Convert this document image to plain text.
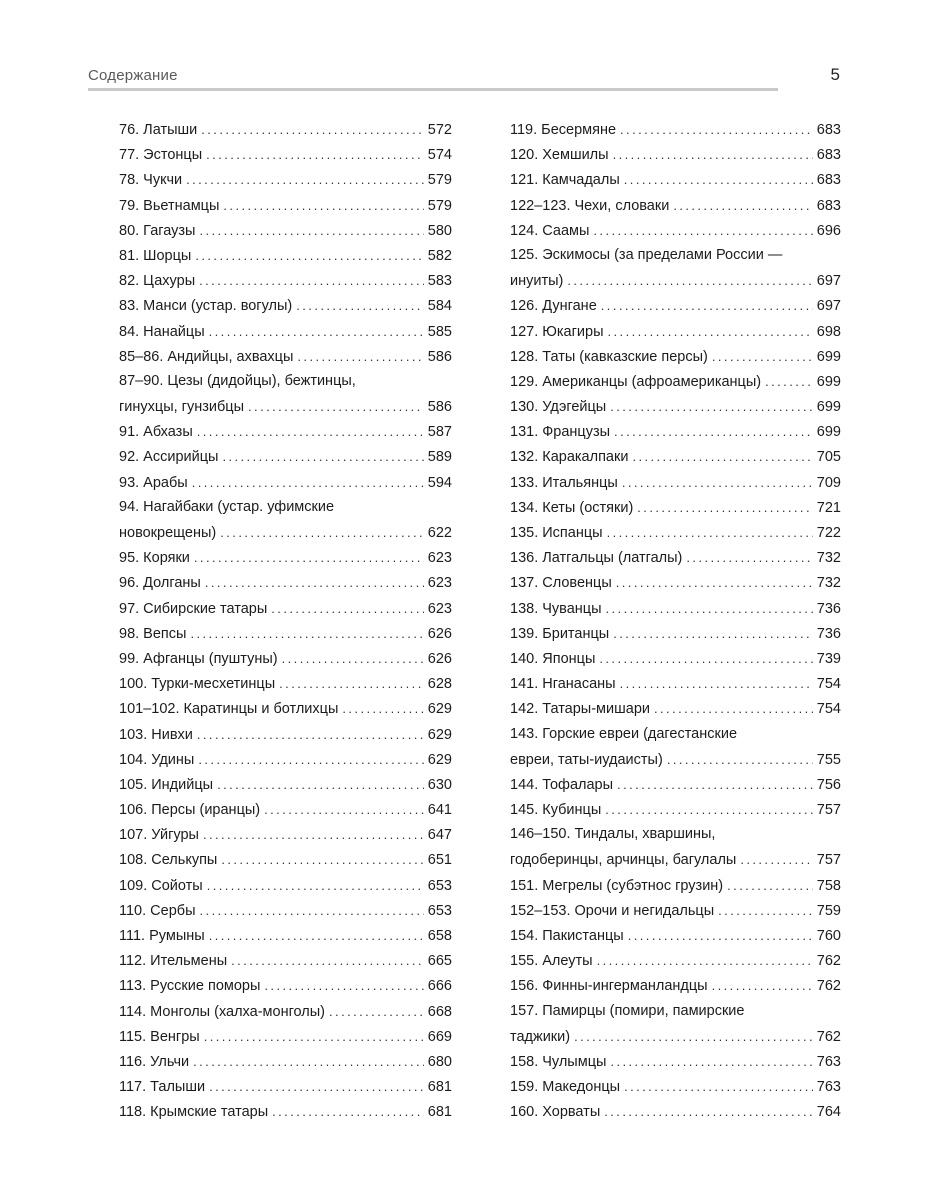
Содержание	5
76. Латыши . . .	572
77. Эстонцы . . .	574
78. Чукчи . . .	579
79. Вьетнамцы . . .	579
80. Гагаузы . . .	580
81. Шорцы . . .	582
82. Цахуры . . .	583
83. Манси (устар. вогулы) . . .	584
84. Нанайцы . . .	585
85–86. Андийцы, ахвахцы . . .	586
87–90. Цезы (дидойцы), бежтинцы,
гинухцы, гунзибцы . . .	586
91. Абхазы . . .	587
92. Ассирийцы . . .	589
93. Арабы . . .	594
94. Нагайбаки (устар. уфимские
новокрещены) . . .	622
95. Коряки . . .	623
96. Долганы . . .	623
97. Сибирские татары . . .	623
98. Вепсы . . .	626
99. Афганцы (пуштуны) . . .	626
100. Турки-месхетинцы . . .	628
101–102. Каратинцы и ботлихцы . . .	629
103. Нивхи . . .	629
104. Удины . . .	629
105. Индийцы . . .	630
106. Персы (иранцы) . . .	641
107. Уйгуры . . .	647
108. Селькупы . . .	651
109. Сойоты . . .	653
110. Сербы . . .	653
111. Румыны . . .	658
112. Ительмены . . .	665
113. Русские поморы . . .	666
114. Монголы (халха-монголы) . . .	668
115. Венгры . . .	669
116. Ульчи . . .	680
117. Талыши . . .	681
118. Крымские татары . . .	681
119. Бесермяне . . .	683
120. Хемшилы . . .	683
121. Камчадалы . . .	683
122–123. Чехи, словаки . . .	683
124. Саамы . . .	696
125. Эскимосы (за пределами России —
инуиты) . . .	697
126. Дунгане . . .	697
127. Юкагиры . . .	698
128. Таты (кавказские персы) . . .	699
129. Американцы (афроамериканцы) . . .	699
130. Удэгейцы . . .	699
131. Французы . . .	699
132. Каракалпаки . . .	705
133. Итальянцы . . .	709
134. Кеты (остяки) . . .	721
135. Испанцы . . .	722
136. Латгальцы (латгалы) . . .	732
137. Словенцы . . .	732
138. Чуванцы . . .	736
139. Британцы . . .	736
140. Японцы . . .	739
141. Нганасаны . . .	754
142. Татары-мишари . . .	754
143. Горские евреи (дагестанские
евреи, таты-иудаисты) . . .	755
144. Тофалары . . .	756
145. Кубинцы . . .	757
146–150. Тиндалы, хваршины,
годоберинцы, арчинцы, багулалы . . .	757
151. Мегрелы (субэтнос грузин) . . .	758
152–153. Орочи и негидальцы . . .	759
154. Пакистанцы . . .	760
155. Алеуты . . .	762
156. Финны-ингерманландцы . . .	762
157. Памирцы (помири, памирские
таджики) . . .	762
158. Чулымцы . . .	763
159. Македонцы . . .	763
160. Хорваты . . .	764
